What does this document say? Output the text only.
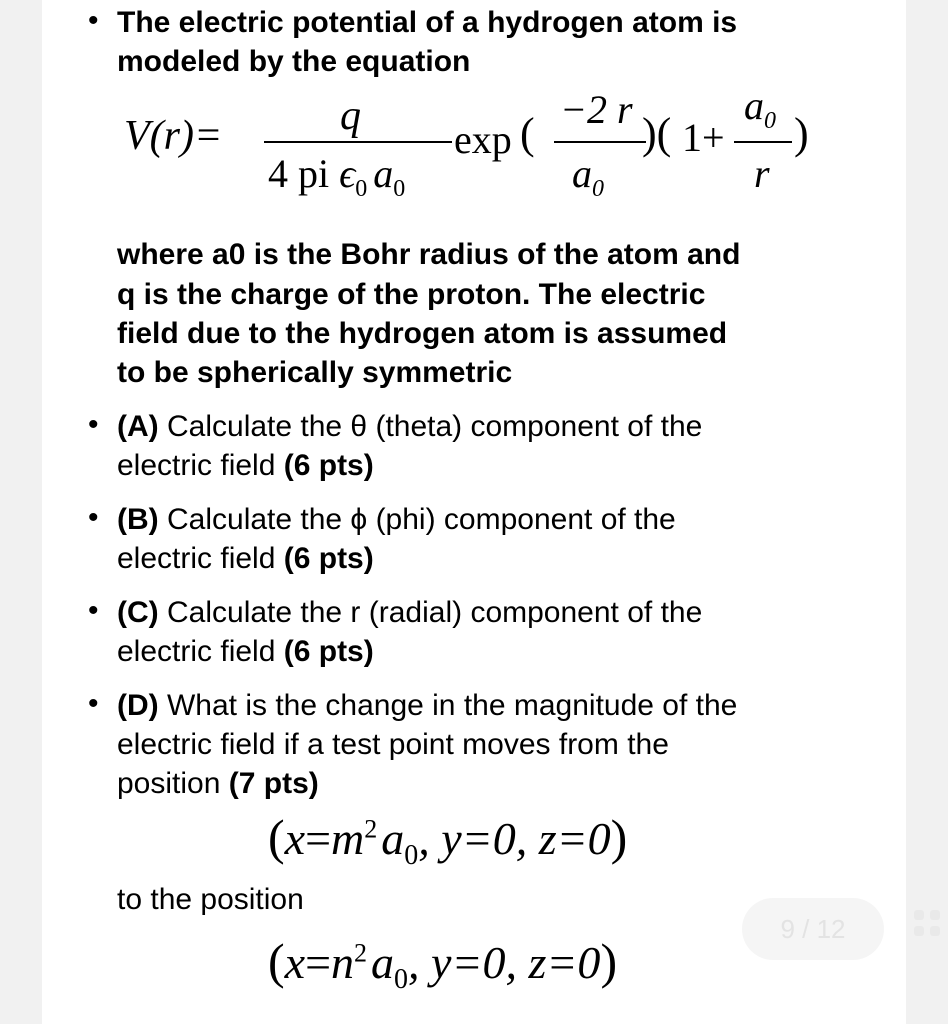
• The electric potential of a hydrogen atom is
modeled by the equation
V(r)=	q
4 pi $\epsilon_0$ $a_0$
exp ( −2 r
$a_0$
)( 1+
$a_0$
r
)
where a0 is the Bohr radius of the atom and
q is the charge of the proton. The electric
field due to the hydrogen atom is assumed
to be spherically symmetric
• (A) Calculate the θ (theta) component of the
electric field (6 pts)
• (B) Calculate the ϕ (phi) component of the
electric field (6 pts)
• (C) Calculate the r (radial) component of the
electric field (6 pts)
• (D) What is the change in the magnitude of the
electric field if a test point moves from the
position (7 pts)
($x=m^2a_0$, y=0, z=0)
to the position
($x=n^2a_0$, y=0, z=0)
9 / 12
